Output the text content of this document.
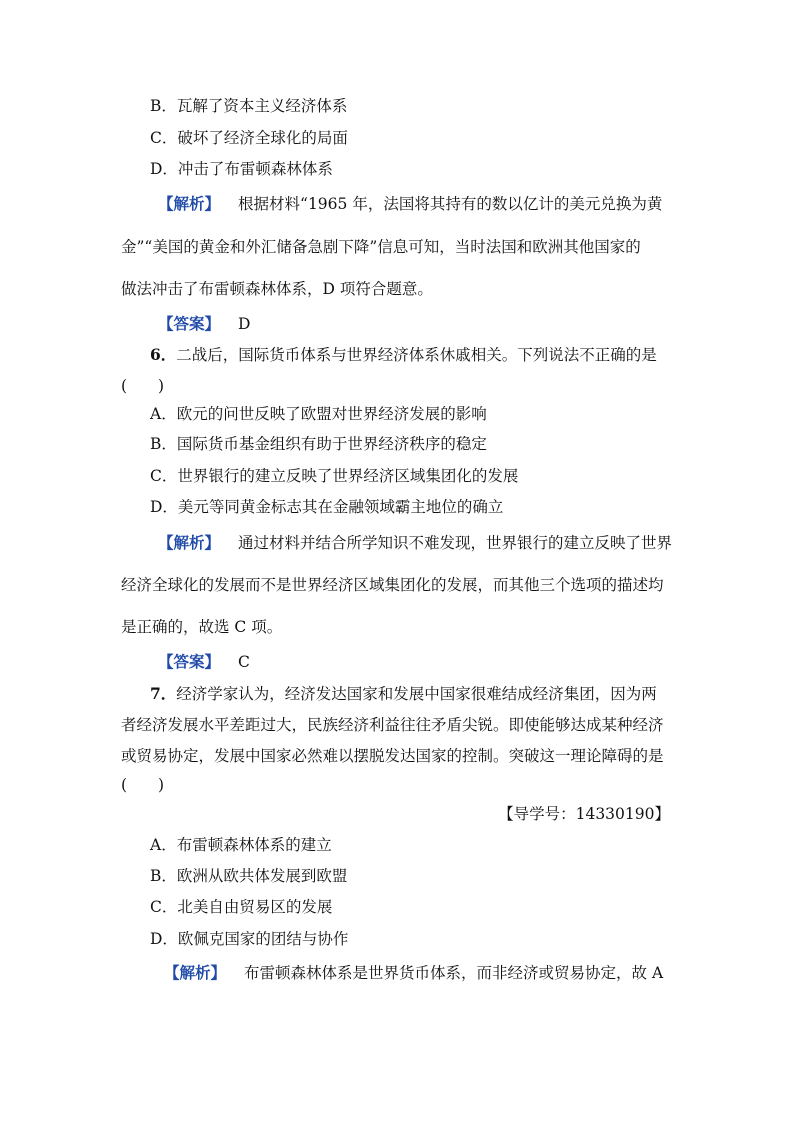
B．瓦解了资本主义经济体系
C．破坏了经济全球化的局面
D．冲击了布雷顿森林体系
【解析】 根据材料“1965 年，法国将其持有的数以亿计的美元兑换为黄
金”“美国的黄金和外汇储备急剧下降”信息可知，当时法国和欧洲其他国家的
做法冲击了布雷顿森林体系，D 项符合题意。
【答案】 D
6．二战后，国际货币体系与世界经济体系休戚相关。下列说法不正确的是
(　　)
A．欧元的问世反映了欧盟对世界经济发展的影响
B．国际货币基金组织有助于世界经济秩序的稳定
C．世界银行的建立反映了世界经济区域集团化的发展
D．美元等同黄金标志其在金融领域霸主地位的确立
【解析】 通过材料并结合所学知识不难发现，世界银行的建立反映了世界
经济全球化的发展而不是世界经济区域集团化的发展，而其他三个选项的描述均
是正确的，故选 C 项。
【答案】 C
7．经济学家认为，经济发达国家和发展中国家很难结成经济集团，因为两
者经济发展水平差距过大，民族经济利益往往矛盾尖锐。即使能够达成某种经济
或贸易协定，发展中国家必然难以摆脱发达国家的控制。突破这一理论障碍的是
(　　)
【导学号：14330190】
A．布雷顿森林体系的建立
B．欧洲从欧共体发展到欧盟
C．北美自由贸易区的发展
D．欧佩克国家的团结与协作
【解析】 布雷顿森林体系是世界货币体系，而非经济或贸易协定，故 A
